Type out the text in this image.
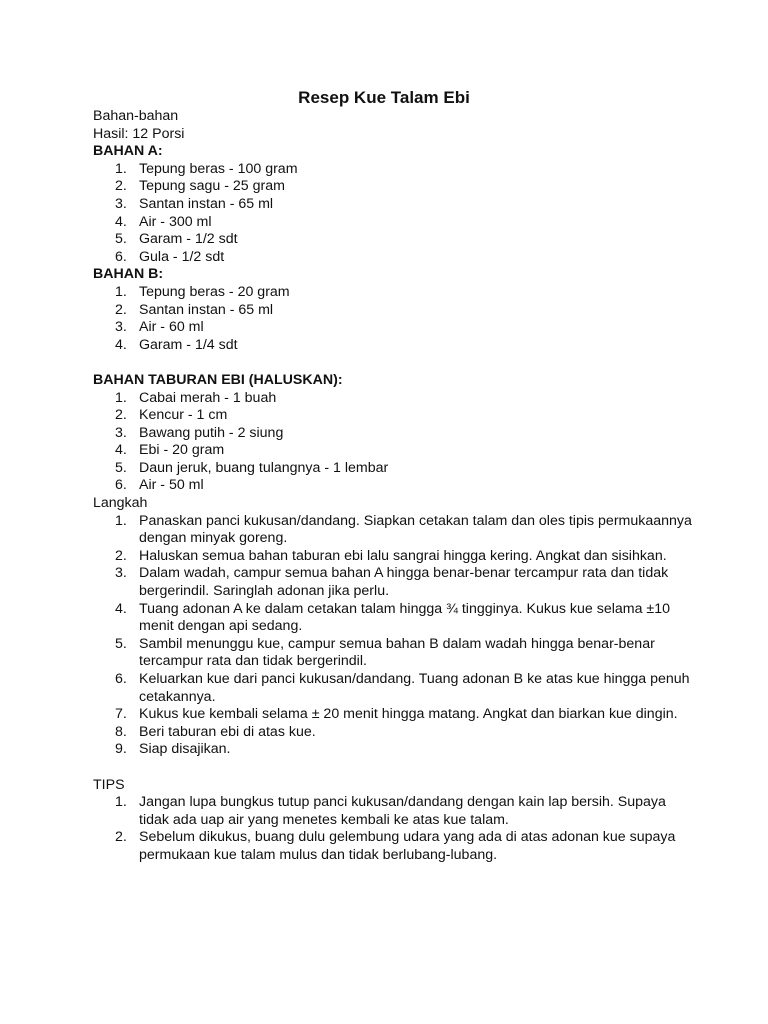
Resep Kue Talam Ebi

Bahan-bahan

Hasil: 12 Porsi

BAHAN A:

1. Tepung beras - 100 gram
2. Tepung sagu - 25 gram
3. Santan instan - 65 ml
4. Air - 300 ml
5. Garam - 1/2 sdt
6. Gula - 1/2 sdt

BAHAN B:

1. Tepung beras - 20 gram
2. Santan instan - 65 ml
3. Air - 60 ml
4. Garam - 1/4 sdt

BAHAN TABURAN EBI (HALUSKAN):

1. Cabai merah - 1 buah
2. Kencur - 1 cm
3. Bawang putih - 2 siung
4. Ebi - 20 gram
5. Daun jeruk, buang tulangnya - 1 lembar
6. Air - 50 ml

Langkah

1. Panaskan panci kukusan/dandang. Siapkan cetakan talam dan oles tipis permukaannya dengan minyak goreng.
2. Haluskan semua bahan taburan ebi lalu sangrai hingga kering. Angkat dan sisihkan.
3. Dalam wadah, campur semua bahan A hingga benar-benar tercampur rata dan tidak bergerindil. Saringlah adonan jika perlu.
4. Tuang adonan A ke dalam cetakan talam hingga ¾ tingginya. Kukus kue selama ±10 menit dengan api sedang.
5. Sambil menunggu kue, campur semua bahan B dalam wadah hingga benar-benar tercampur rata dan tidak bergerindil.
6. Keluarkan kue dari panci kukusan/dandang. Tuang adonan B ke atas kue hingga penuh cetakannya.
7. Kukus kue kembali selama ± 20 menit hingga matang. Angkat dan biarkan kue dingin.
8. Beri taburan ebi di atas kue.
9. Siap disajikan.

TIPS

1. Jangan lupa bungkus tutup panci kukusan/dandang dengan kain lap bersih. Supaya tidak ada uap air yang menetes kembali ke atas kue talam.
2. Sebelum dikukus, buang dulu gelembung udara yang ada di atas adonan kue supaya permukaan kue talam mulus dan tidak berlubang-lubang.
